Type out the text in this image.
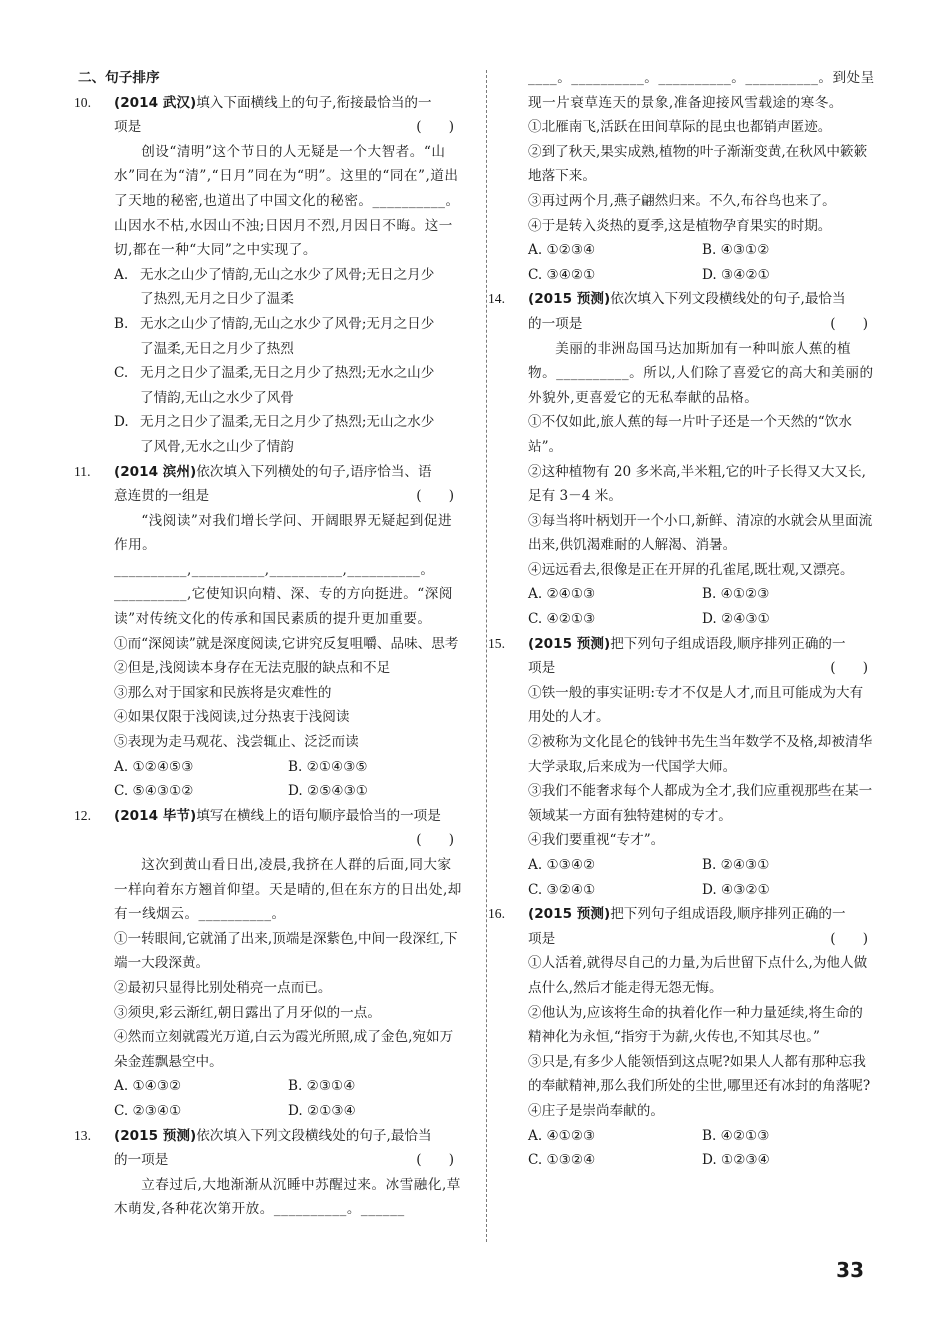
二、句子排序
10.	(2014 武汉)填入下面横线上的句子,衔接最恰当的一
项是	(　　)
创设“清明”这个节日的人无疑是一个大智者。“山水”同在为“清”,“日月”同在为“明”。这里的“同在”,道出了天地的秘密,也道出了中国文化的秘密。__________。山因水不枯,水因山不浊;日因月不烈,月因日不晦。这一切,都在一种“大同”之中实现了。
A. 无水之山少了情韵,无山之水少了风骨;无日之月少
了热烈,无月之日少了温柔
B. 无水之山少了情韵,无山之水少了风骨;无月之日少
了温柔,无日之月少了热烈
C. 无月之日少了温柔,无日之月少了热烈;无水之山少
了情韵,无山之水少了风骨
D. 无月之日少了温柔,无日之月少了热烈;无山之水少
了风骨,无水之山少了情韵
11.	(2014 滨州)依次填入下列横处的句子,语序恰当、语
意连贯的一组是	(　　)
“浅阅读”对我们增长学问、开阔眼界无疑起到促进作用。__________,__________,__________,__________。__________,它使知识向精、深、专的方向挺进。“深阅读”对传统文化的传承和国民素质的提升更加重要。
①而“深阅读”就是深度阅读,它讲究反复咀嚼、品味、思考
②但是,浅阅读本身存在无法克服的缺点和不足
③那么对于国家和民族将是灾难性的
④如果仅限于浅阅读,过分热衷于浅阅读
⑤表现为走马观花、浅尝辄止、泛泛而读
A. ①②④⑤③	B. ②①④③⑤
C. ⑤④③①②	D. ②⑤④③①
12.	(2014 毕节)填写在横线上的语句顺序最恰当的一项是
(　　)

这次到黄山看日出,凌晨,我挤在人群的后面,同大家一样向着东方翘首仰望。天是晴的,但在东方的日出处,却有一线烟云。__________。
①一转眼间,它就涌了出来,顶端是深紫色,中间一段深红,下端一大段深黄。
②最初只显得比别处稍亮一点而已。
③须臾,彩云渐红,朝日露出了月牙似的一点。
④然而立刻就霞光万道,白云为霞光所照,成了金色,宛如万朵金莲飘悬空中。
A. ①④③②	B. ②③①④
C. ②③④①	D. ②①③④
13.	(2015 预测)依次填入下列文段横线处的句子,最恰当
的一项是	(　　)
立春过后,大地渐渐从沉睡中苏醒过来。冰雪融化,草木萌发,各种花次第开放。__________。______
____。__________。__________。__________。到处呈现一片衰草连天的景象,准备迎接风雪载途的寒冬。
①北雁南飞,活跃在田间草际的昆虫也都销声匿迹。
②到了秋天,果实成熟,植物的叶子渐渐变黄,在秋风中簌簌地落下来。
③再过两个月,燕子翩然归来。不久,布谷鸟也来了。
④于是转入炎热的夏季,这是植物孕育果实的时期。
A. ①②③④	B. ④③①②
C. ③④②①	D. ③④②①
14.	(2015 预测)依次填入下列文段横线处的句子,最恰当
的一项是	(　　)
美丽的非洲岛国马达加斯加有一种叫旅人蕉的植物。__________。所以,人们除了喜爱它的高大和美丽的外貌外,更喜爱它的无私奉献的品格。
①不仅如此,旅人蕉的每一片叶子还是一个天然的“饮水站”。
②这种植物有 20 多米高,半米粗,它的叶子长得又大又长,足有 3－4 米。
③每当将叶柄划开一个小口,新鲜、清凉的水就会从里面流出来,供饥渴难耐的人解渴、消暑。
④远远看去,很像是正在开屏的孔雀尾,既壮观,又漂亮。
A. ②④①③	B. ④①②③
C. ④②①③	D. ②④③①
15.	(2015 预测)把下列句子组成语段,顺序排列正确的一
项是	(　　)
①铁一般的事实证明:专才不仅是人才,而且可能成为大有用处的人才。
②被称为文化昆仑的钱钟书先生当年数学不及格,却被清华大学录取,后来成为一代国学大师。
③我们不能奢求每个人都成为全才,我们应重视那些在某一领域某一方面有独特建树的专才。
④我们要重视“专才”。
A. ①③④②	B. ②④③①
C. ③②④①	D. ④③②①
16.	(2015 预测)把下列句子组成语段,顺序排列正确的一
项是	(　　)
①人活着,就得尽自己的力量,为后世留下点什么,为他人做点什么,然后才能走得无怨无悔。
②他认为,应该将生命的执着化作一种力量延续,将生命的精神化为永恒,“指穷于为薪,火传也,不知其尽也。”
③只是,有多少人能领悟到这点呢?如果人人都有那种忘我的奉献精神,那么我们所处的尘世,哪里还有冰封的角落呢?
④庄子是崇尚奉献的。
A. ④①②③	B. ④②①③
C. ①③②④	D. ①②③④
33
